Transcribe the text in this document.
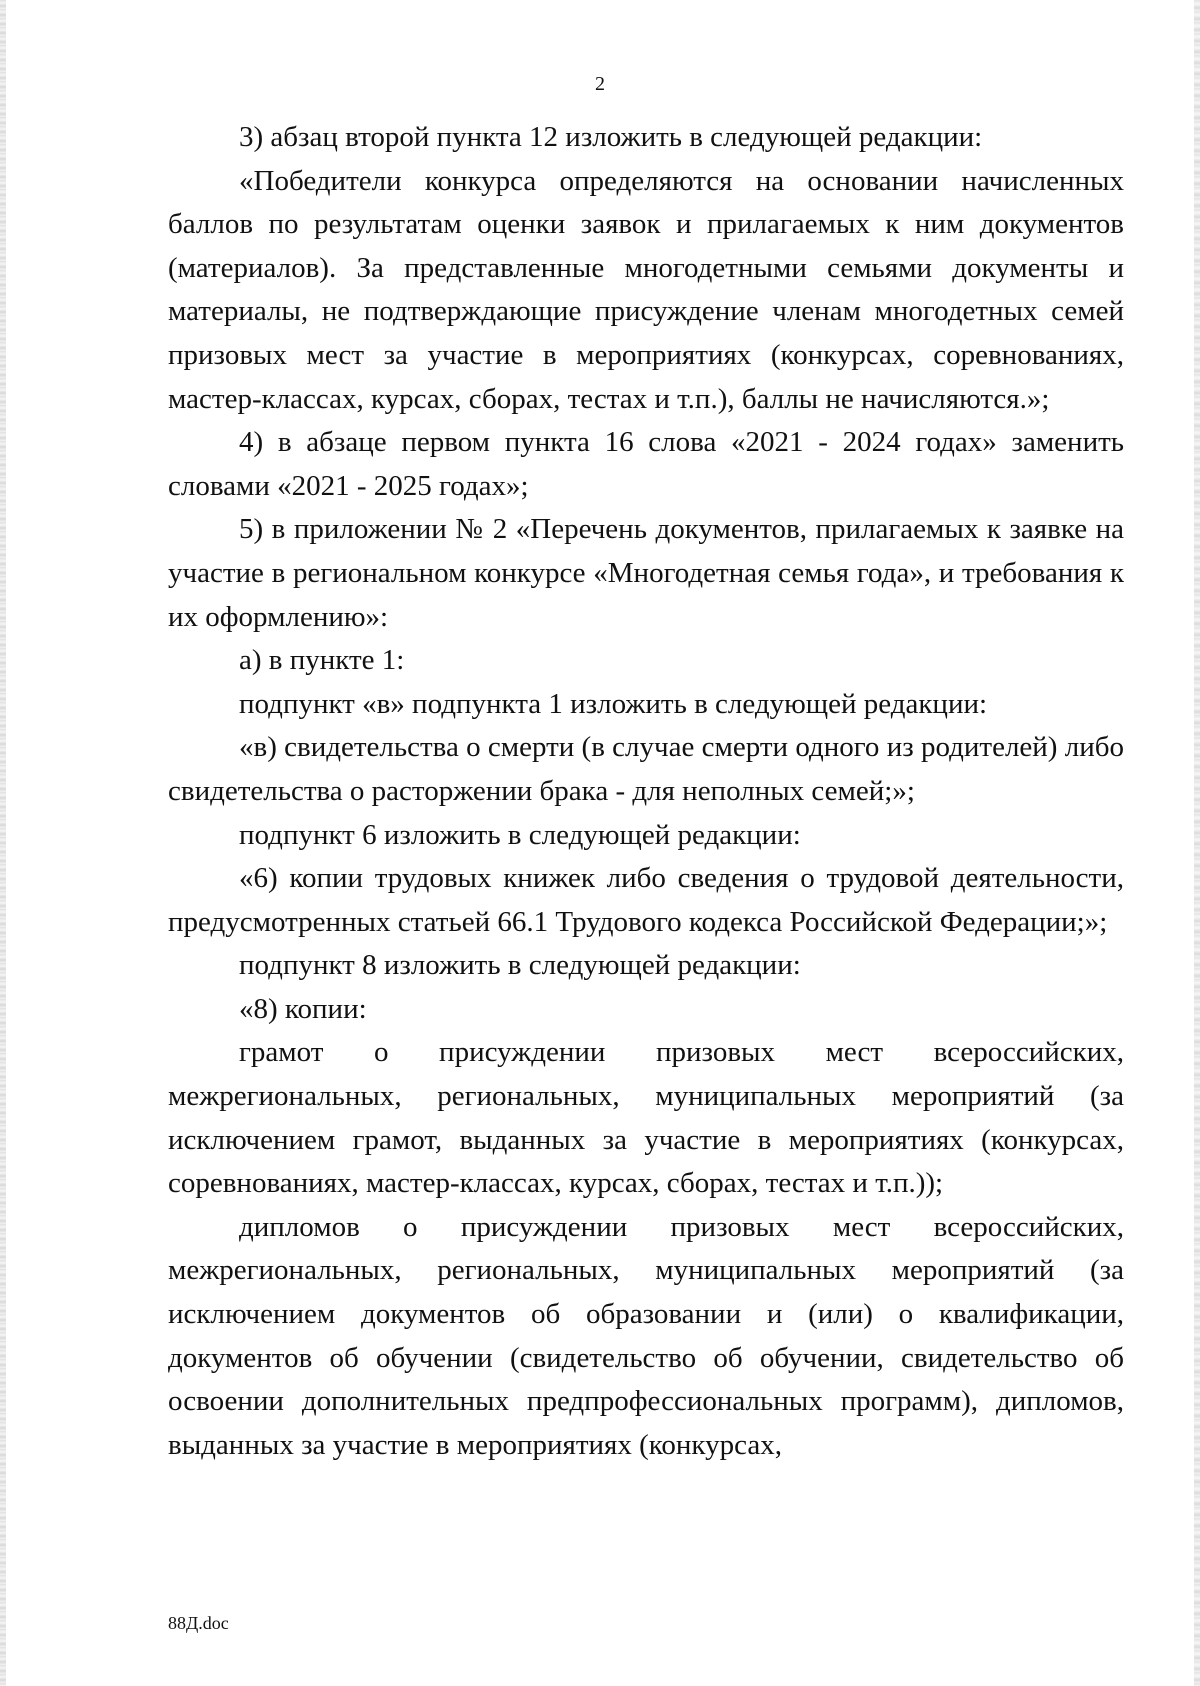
2

3) абзац второй пункта 12 изложить в следующей редакции:

«Победители конкурса определяются на основании начисленных баллов по результатам оценки заявок и прилагаемых к ним документов (материалов). За представленные многодетными семьями документы и материалы, не подтверждающие присуждение членам многодетных семей призовых мест за участие в мероприятиях (конкурсах, соревнованиях, мастер-классах, курсах, сборах, тестах и т.п.), баллы не начисляются.»;

4) в абзаце первом пункта 16 слова «2021 - 2024 годах» заменить словами «2021 - 2025 годах»;

5) в приложении № 2 «Перечень документов, прилагаемых к заявке на участие в региональном конкурсе «Многодетная семья года», и требования к их оформлению»:

а) в пункте 1:

подпункт «в» подпункта 1 изложить в следующей редакции:

«в) свидетельства о смерти (в случае смерти одного из родителей) либо свидетельства о расторжении брака - для неполных семей;»;

подпункт 6 изложить в следующей редакции:

«6) копии трудовых книжек либо сведения о трудовой деятельности, предусмотренных статьей 66.1 Трудового кодекса Российской Федерации;»;

подпункт 8 изложить в следующей редакции:

«8) копии:

грамот о присуждении призовых мест всероссийских, межрегиональных, региональных, муниципальных мероприятий (за исключением грамот, выданных за участие в мероприятиях (конкурсах, соревнованиях, мастер-классах, курсах, сборах, тестах и т.п.));

дипломов о присуждении призовых мест всероссийских, межрегиональных, региональных, муниципальных мероприятий (за исключением документов об образовании и (или) о квалификации, документов об обучении (свидетельство об обучении, свидетельство об освоении дополнительных предпрофессиональных программ), дипломов, выданных за участие в мероприятиях (конкурсах,

88Д.doc
